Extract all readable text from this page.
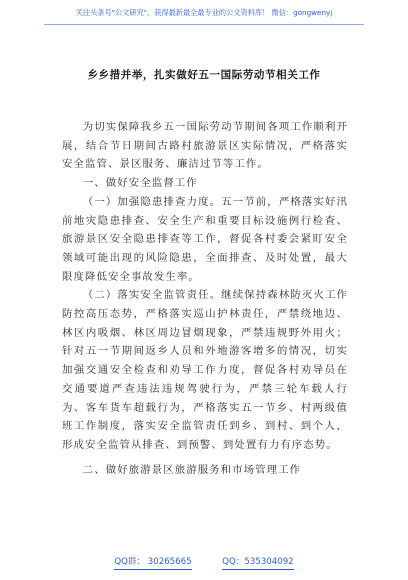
关注头条号"公文研究"，获得最新最全最专业的公文资料库！ 微信：gongwenyj
乡乡措并举，扎实做好五一国际劳动节相关工作

为切实保障我乡五一国际劳动节期间各项工作顺利开展，结合节日期间古路村旅游景区实际情况，严格落实安全监管、景区服务、廉洁过节等工作。

一、做好安全监督工作

（一）加强隐患排查力度。五一节前，严格落实好汛前地灾隐患排查、安全生产和重要目标设施例行检查、旅游景区安全隐患排查等工作，督促各村委会紧盯安全领域可能出现的风险隐患，全面排查、及时处置，最大限度降低安全事故发生率。

（二）落实安全监管责任。继续保持森林防灭火工作防控高压态势，严格落实巡山护林责任，严禁绕地边、林区内吸烟、林区周边冒烟现象，严禁违规野外用火；针对五一节期间返乡人员和外地游客增多的情况，切实加强交通安全检查和劝导工作力度，督促各村劝导员在交通要道严查违法违规驾驶行为，严禁三轮车载人行为、客车货车超载行为，严格落实五一节乡、村两级值班工作制度，落实安全监管责任到乡、到村、到个人，形成安全监管从排查、到预警、到处置有力有序态势。

二、做好旅游景区旅游服务和市场管理工作

QQ群： 30265665	QQ：535304092
